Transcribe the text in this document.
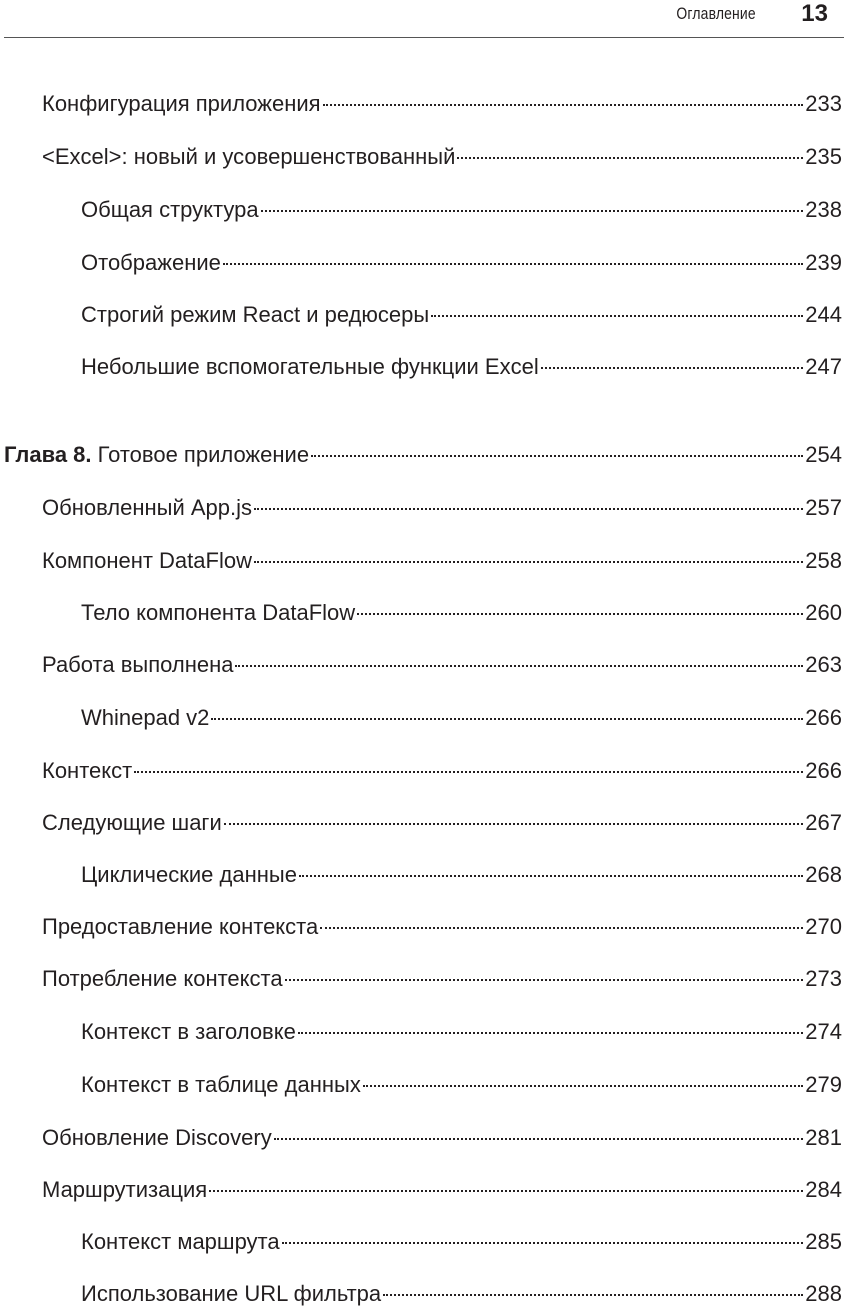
Оглавление 13
Конфигурация приложения	233
<Excel>: новый и усовершенствованный	235
Общая структура	238
Отображение	239
Строгий режим React и редюсеры	244
Небольшие вспомогательные функции Excel	247
Глава 8. Готовое приложение	254
Обновленный App.js	257
Компонент DataFlow	258
Тело компонента DataFlow	260
Работа выполнена	263
Whinepad v2	266
Контекст	266
Следующие шаги	267
Циклические данные	268
Предоставление контекста	270
Потребление контекста	273
Контекст в заголовке	274
Контекст в таблице данных	279
Обновление Discovery	281
Маршрутизация	284
Контекст маршрута	285
Использование URL фильтра	288
